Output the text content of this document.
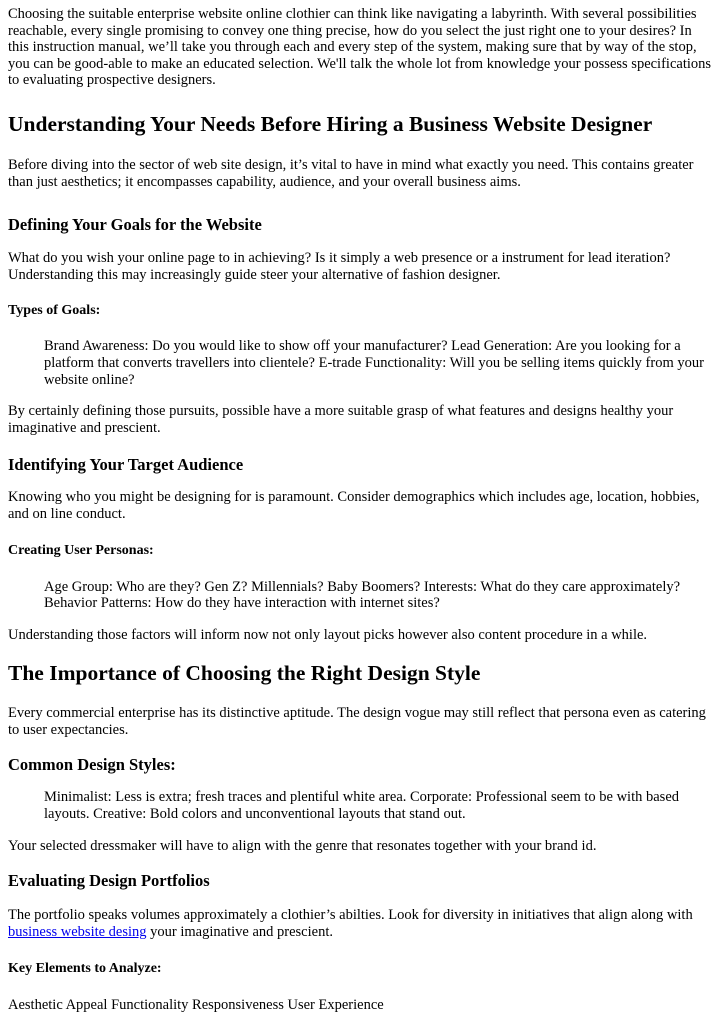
Choosing the suitable enterprise website online clothier can think like navigating a labyrinth. With several possibilities reachable, every single promising to convey one thing precise, how do you select the just right one to your desires? In this instruction manual, we’ll take you through each and every step of the system, making sure that by way of the stop, you can be good-able to make an educated selection. We'll talk the whole lot from knowledge your possess specifications to evaluating prospective designers.

Understanding Your Needs Before Hiring a Business Website Designer

Before diving into the sector of web site design, it’s vital to have in mind what exactly you need. This contains greater than just aesthetics; it encompasses capability, audience, and your overall business aims.

Defining Your Goals for the Website

What do you wish your online page to in achieving? Is it simply a web presence or a instrument for lead iteration? Understanding this may increasingly guide steer your alternative of fashion designer.

Types of Goals:
Brand Awareness: Do you would like to show off your manufacturer? Lead Generation: Are you looking for a platform that converts travellers into clientele? E-trade Functionality: Will you be selling items quickly from your website online?

By certainly defining those pursuits, possible have a more suitable grasp of what features and designs healthy your imaginative and prescient.

Identifying Your Target Audience

Knowing who you might be designing for is paramount. Consider demographics which includes age, location, hobbies, and on line conduct.

Creating User Personas:
Age Group: Who are they? Gen Z? Millennials? Baby Boomers? Interests: What do they care approximately? Behavior Patterns: How do they have interaction with internet sites?

Understanding those factors will inform now not only layout picks however also content procedure in a while.

The Importance of Choosing the Right Design Style

Every commercial enterprise has its distinctive aptitude. The design vogue may still reflect that persona even as catering to user expectancies.

Common Design Styles:
Minimalist: Less is extra; fresh traces and plentiful white area. Corporate: Professional seem to be with based layouts. Creative: Bold colors and unconventional layouts that stand out.

Your selected dressmaker will have to align with the genre that resonates together with your brand id.

Evaluating Design Portfolios

The portfolio speaks volumes approximately a clothier’s abilties. Look for diversity in initiatives that align along with business website desing your imaginative and prescient.

Key Elements to Analyze:

Aesthetic Appeal Functionality Responsiveness User Experience
